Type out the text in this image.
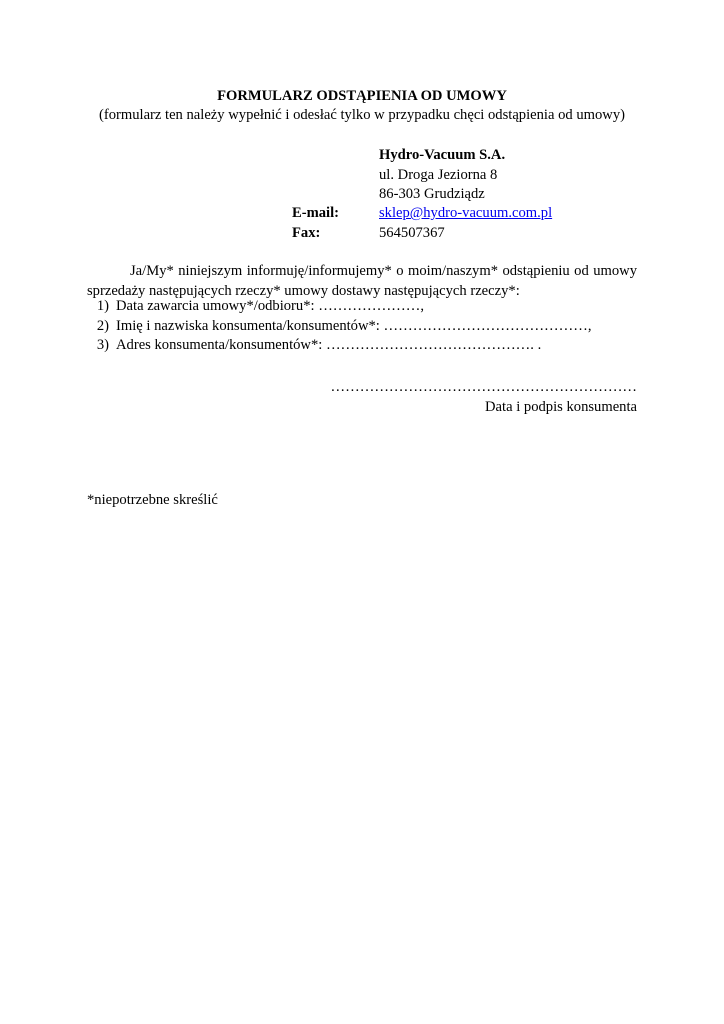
FORMULARZ ODSTĄPIENIA OD UMOWY
(formularz ten należy wypełnić i odesłać tylko w przypadku chęci odstąpienia od umowy)
Hydro-Vacuum S.A.
ul. Droga Jeziorna 8
86-303 Grudziądz
E-mail:
Fax:
sklep@hydro-vacuum.com.pl
564507367
Ja/My* niniejszym informuję/informujemy* o moim/naszym* odstąpieniu od umowy sprzedaży następujących rzeczy* umowy dostawy następujących rzeczy*:
1) Data zawarcia umowy*/odbioru*: …………………,
2) Imię i nazwiska konsumenta/konsumentów*: ……………………………………,
3) Adres konsumenta/konsumentów*: ……………………………………. .
………………………………………………………
Data i podpis konsumenta
*niepotrzebne skreślić
